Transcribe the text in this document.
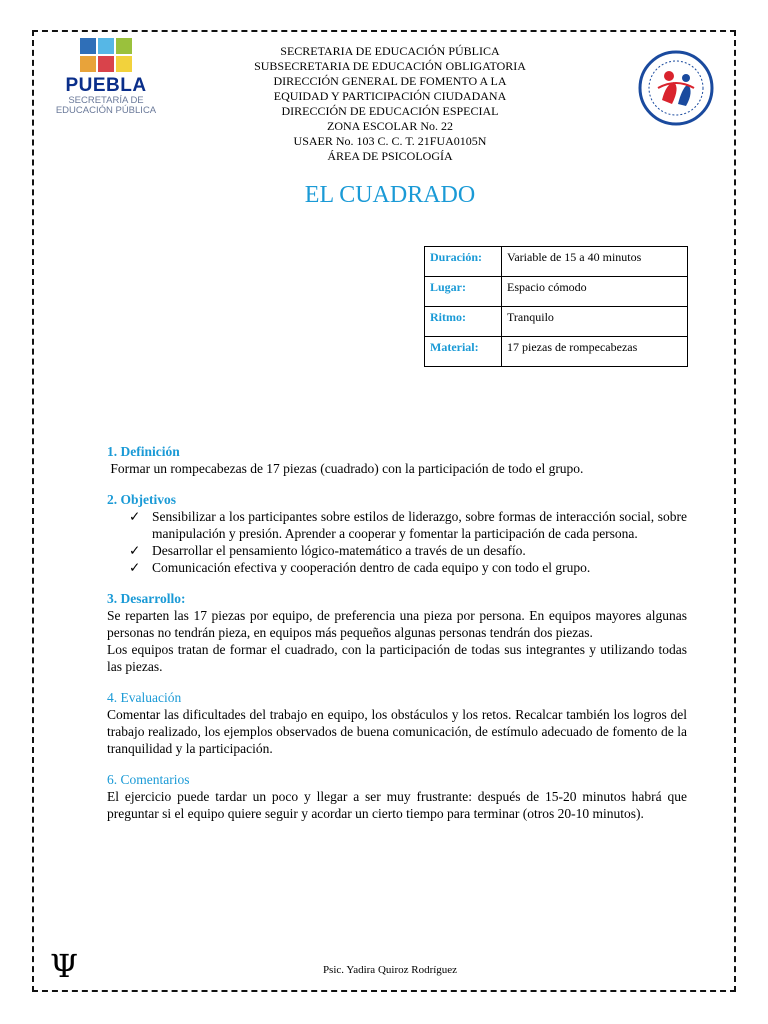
PUEBLA
SECRETARÍA DE
EDUCACIÓN PÚBLICA
SECRETARIA DE EDUCACIÓN PÚBLICA
SUBSECRETARIA DE EDUCACIÓN OBLIGATORIA
DIRECCIÓN GENERAL DE FOMENTO A LA
EQUIDAD Y PARTICIPACIÓN CIUDADANA
DIRECCIÓN DE EDUCACIÓN ESPECIAL
ZONA ESCOLAR No. 22
USAER No. 103 C. C. T. 21FUA0105N
ÁREA DE PSICOLOGÍA
EL CUADRADO
Duración:	Variable de 15 a 40 minutos
Lugar:	Espacio cómodo
Ritmo:	Tranquilo
Material:	17 piezas de rompecabezas
1. Definición
Formar un rompecabezas de 17 piezas (cuadrado) con la participación de todo el grupo.
2. Objetivos
✓ Sensibilizar a los participantes sobre estilos de liderazgo, sobre formas de interacción social, sobre manipulación y presión. Aprender a cooperar y fomentar la participación de cada persona.
✓ Desarrollar el pensamiento lógico-matemático a través de un desafío.
✓ Comunicación efectiva y cooperación dentro de cada equipo y con todo el grupo.
3. Desarrollo:
Se reparten las 17 piezas por equipo, de preferencia una pieza por persona. En equipos mayores algunas personas no tendrán pieza, en equipos más pequeños algunas personas tendrán dos piezas.
Los equipos tratan de formar el cuadrado, con la participación de todas sus integrantes y utilizando todas las piezas.
4. Evaluación
Comentar las dificultades del trabajo en equipo, los obstáculos y los retos. Recalcar también los logros del trabajo realizado, los ejemplos observados de buena comunicación, de estímulo adecuado de fomento de la tranquilidad y la participación.
6. Comentarios
El ejercicio puede tardar un poco y llegar a ser muy frustrante: después de 15-20 minutos habrá que preguntar si el equipo quiere seguir y acordar un cierto tiempo para terminar (otros 20-10 minutos).
Ψ	Psic. Yadira Quiroz Rodríguez
